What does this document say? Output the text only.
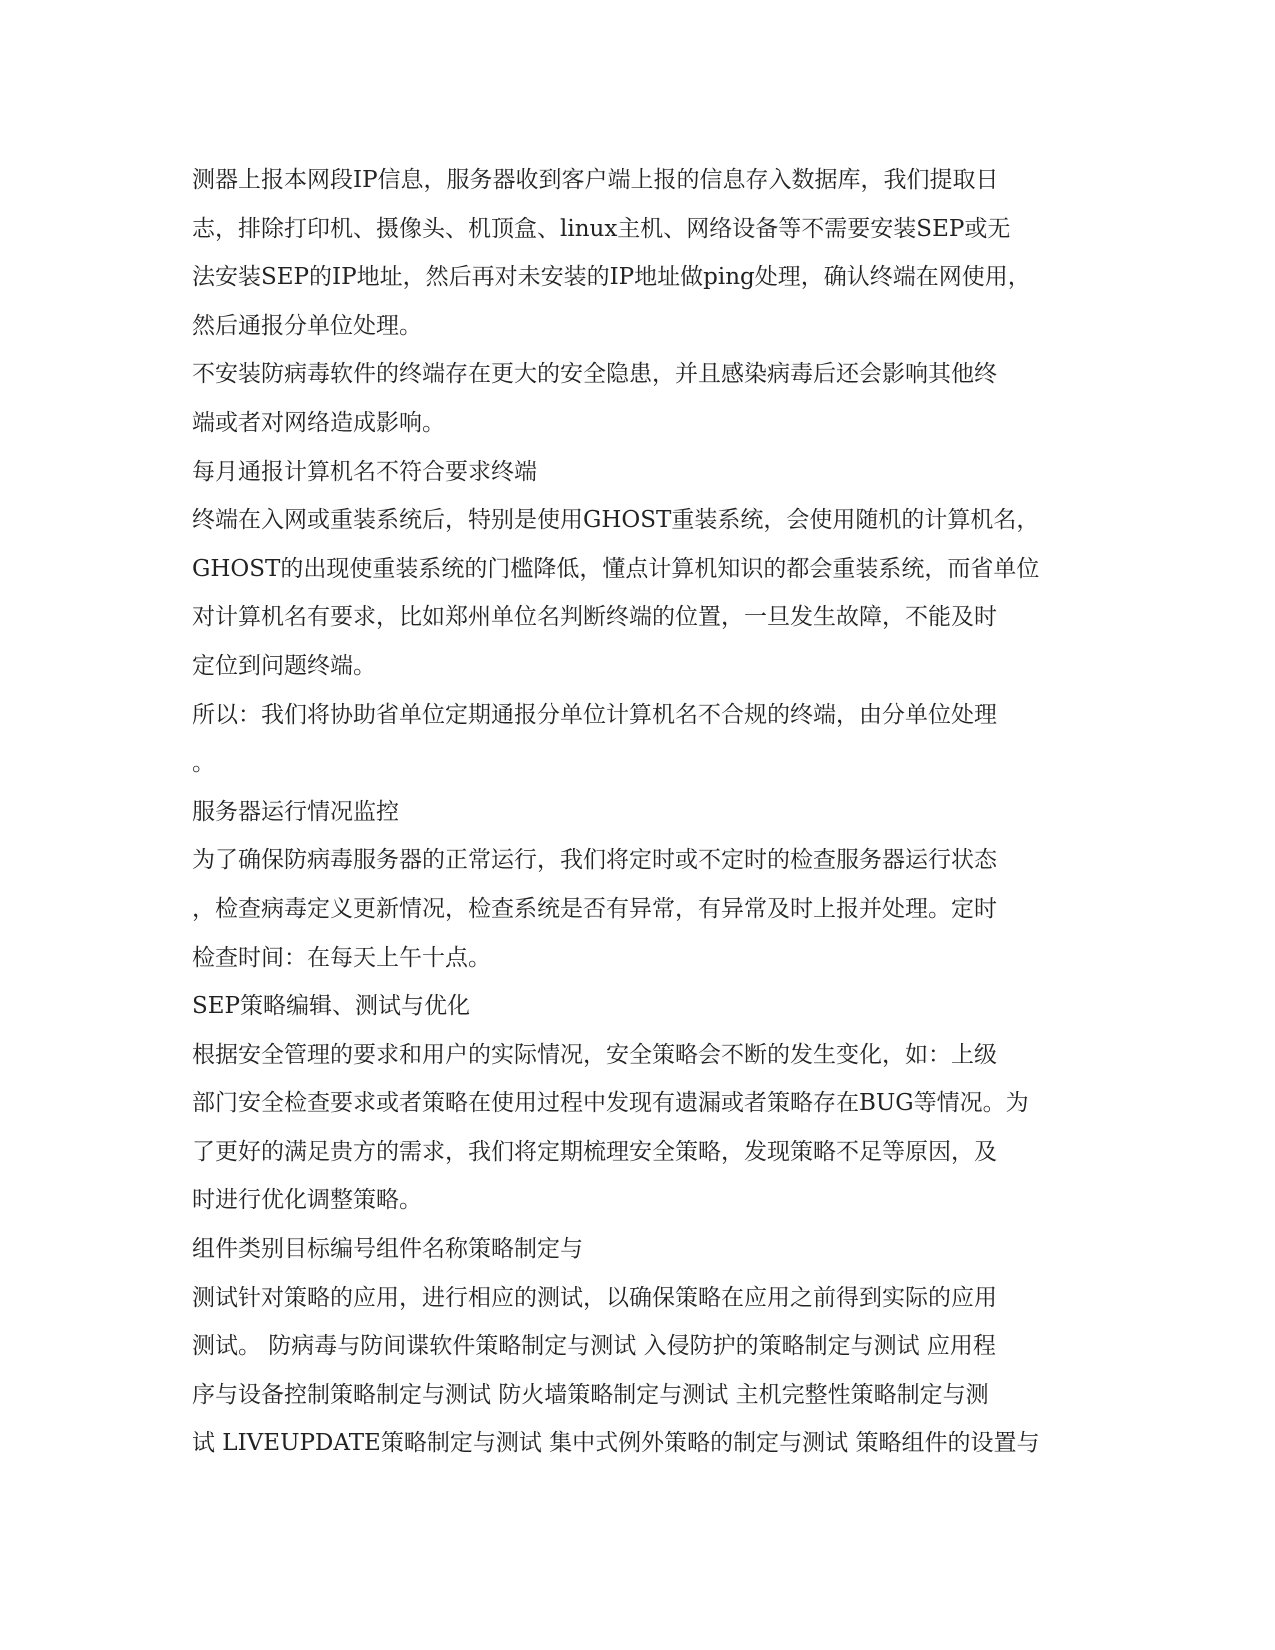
测器上报本网段IP信息，服务器收到客户端上报的信息存入数据库，我们提取日
志，排除打印机、摄像头、机顶盒、linux主机、网络设备等不需要安装SEP或无
法安装SEP的IP地址，然后再对未安装的IP地址做ping处理，确认终端在网使用，
然后通报分单位处理。
不安装防病毒软件的终端存在更大的安全隐患，并且感染病毒后还会影响其他终
端或者对网络造成影响。
每月通报计算机名不符合要求终端
终端在入网或重装系统后，特别是使用GHOST重装系统，会使用随机的计算机名，
GHOST的出现使重装系统的门槛降低，懂点计算机知识的都会重装系统，而省单位
对计算机名有要求，比如郑州单位名判断终端的位置，一旦发生故障，不能及时
定位到问题终端。
所以：我们将协助省单位定期通报分单位计算机名不合规的终端，由分单位处理
。
服务器运行情况监控
为了确保防病毒服务器的正常运行，我们将定时或不定时的检查服务器运行状态
，检查病毒定义更新情况，检查系统是否有异常，有异常及时上报并处理。定时
检查时间：在每天上午十点。
SEP策略编辑、测试与优化
根据安全管理的要求和用户的实际情况，安全策略会不断的发生变化，如：上级
部门安全检查要求或者策略在使用过程中发现有遗漏或者策略存在BUG等情况。为
了更好的满足贵方的需求，我们将定期梳理安全策略，发现策略不足等原因，及
时进行优化调整策略。
组件类别目标编号组件名称策略制定与
测试针对策略的应用，进行相应的测试，以确保策略在应用之前得到实际的应用
测试。 防病毒与防间谍软件策略制定与测试 入侵防护的策略制定与测试 应用程
序与设备控制策略制定与测试 防火墙策略制定与测试 主机完整性策略制定与测
试 LIVEUPDATE策略制定与测试 集中式例外策略的制定与测试 策略组件的设置与
